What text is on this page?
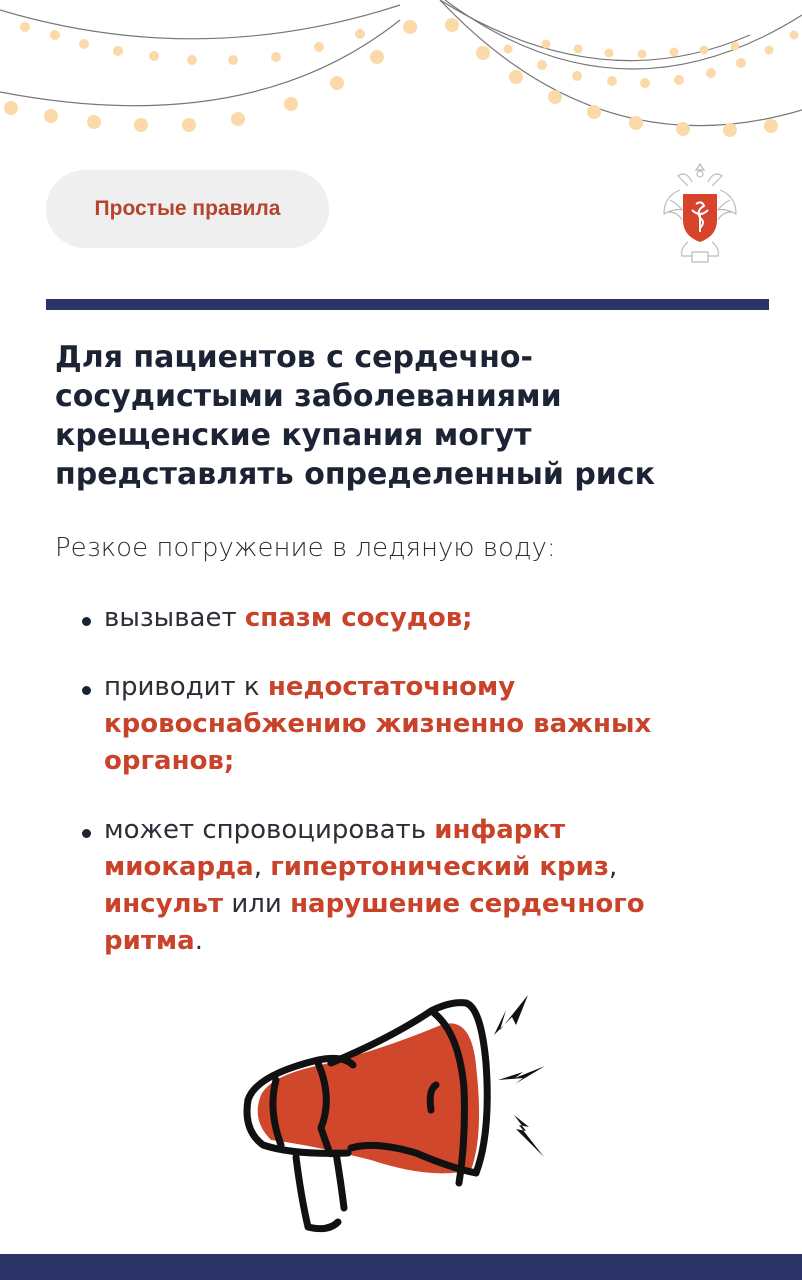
Простые правила
Для пациентов с сердечно-сосудистыми заболеваниями крещенские купания могут представлять определенный риск
Резкое погружение в ледяную воду:
вызывает спазм сосудов;
приводит к недостаточному кровоснабжению жизненно важных органов;
может спровоцировать инфаркт миокарда, гипертонический криз, инсульт или нарушение сердечного ритма.
